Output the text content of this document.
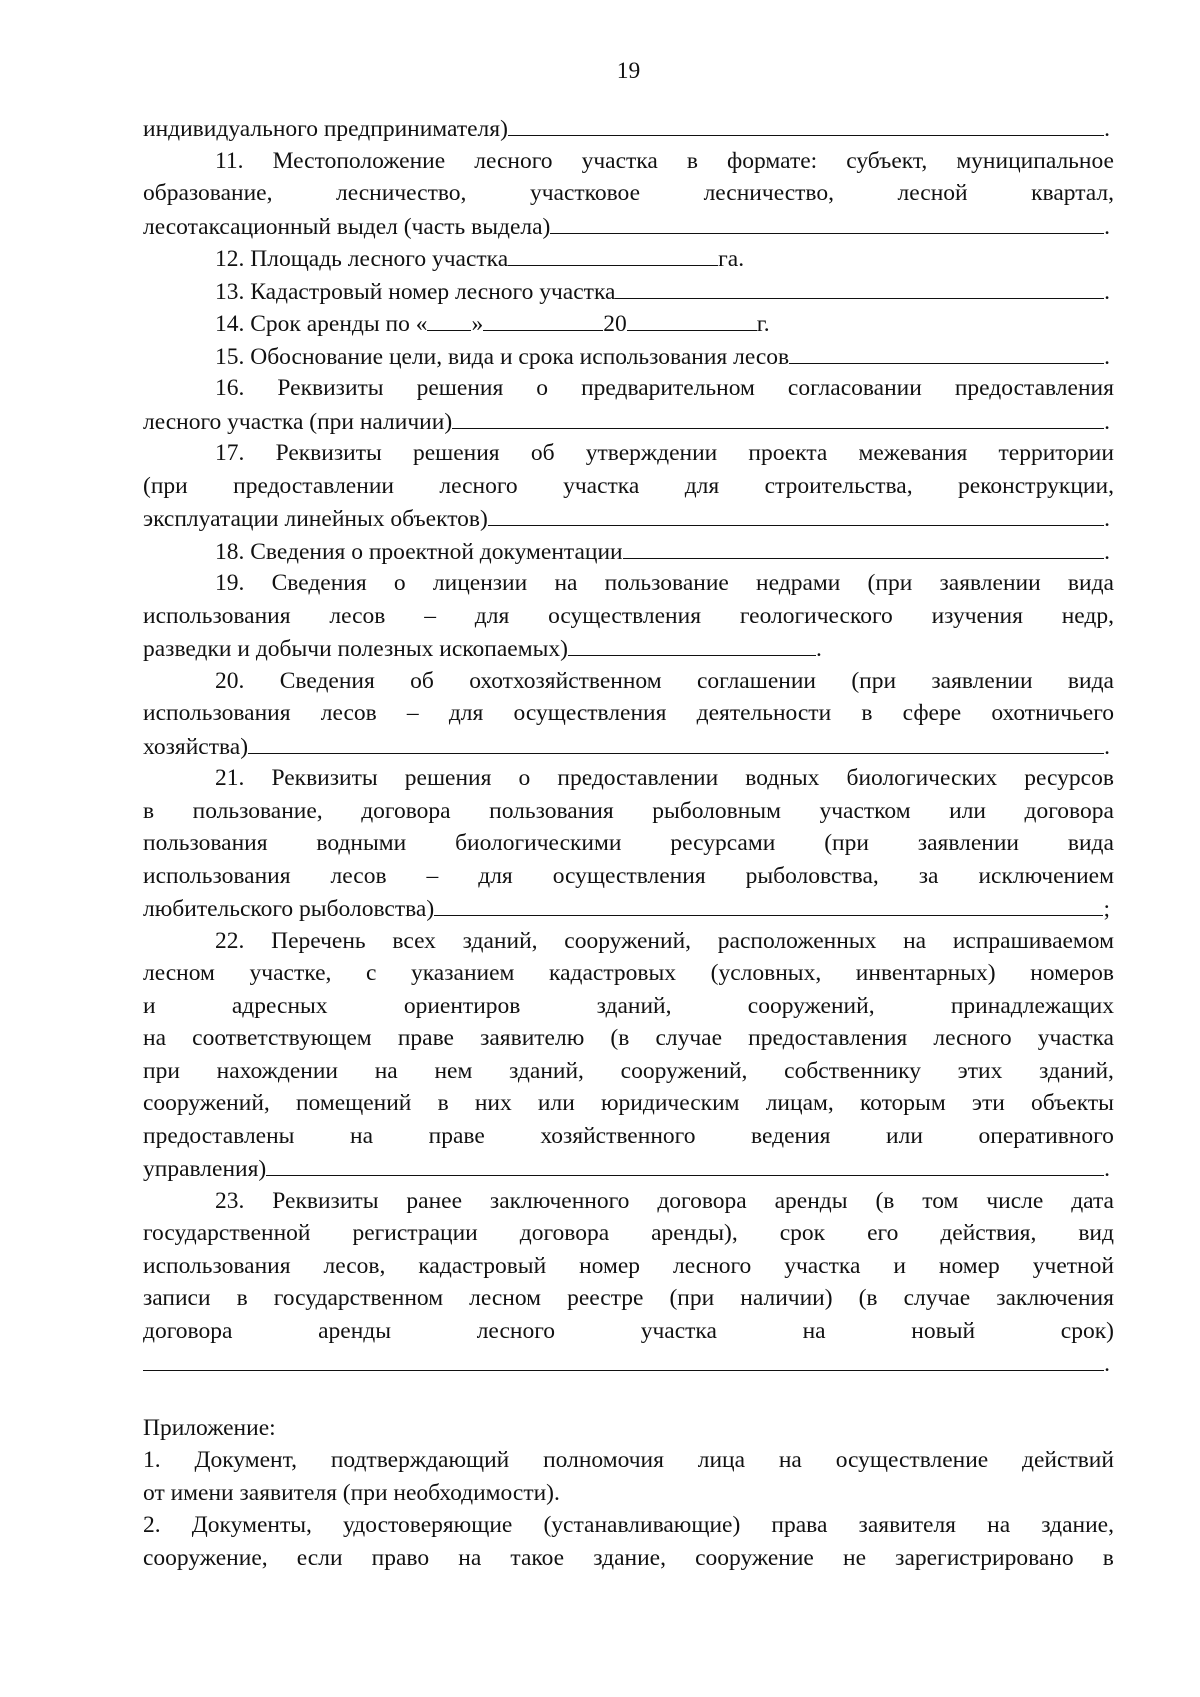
19
индивидуального предпринимателя)	.
11. Местоположение лесного участка в формате: субъект, муниципальное
образование,	лесничество,	участковое	лесничество,	лесной	квартал,
лесотаксационный выдел (часть выдела)	.
12. Площадь лесного участка	га.
13. Кадастровый номер лесного участка	.
14. Срок аренды по « »	20	г.
15. Обоснование цели, вида и срока использования лесов	.
16. Реквизиты решения о предварительном согласовании предоставления
лесного участка (при наличии)	.
17. Реквизиты решения об утверждении проекта межевания территории
(при предоставлении лесного участка для строительства, реконструкции,
эксплуатации линейных объектов)	.
18. Сведения о проектной документации	.
19. Сведения о лицензии на пользование недрами (при заявлении вида
использования лесов – для осуществления геологического изучения недр,
разведки и добычи полезных ископаемых)	.
20. Сведения об охотхозяйственном соглашении (при заявлении вида
использования лесов – для осуществления деятельности в сфере охотничьего
хозяйства)	.
21. Реквизиты решения о предоставлении водных биологических ресурсов
в пользование, договора пользования рыболовным участком или договора
пользования водными биологическими ресурсами (при заявлении вида
использования лесов – для осуществления рыболовства, за исключением
любительского рыболовства)	;
22. Перечень всех зданий, сооружений, расположенных на испрашиваемом
лесном участке, с указанием кадастровых (условных, инвентарных) номеров
и	адресных	ориентиров	зданий,	сооружений,	принадлежащих
на соответствующем праве заявителю (в случае предоставления лесного участка
при нахождении на нем зданий, сооружений, собственнику этих зданий,
сооружений, помещений в них или юридическим лицам, которым эти объекты
предоставлены на праве хозяйственного ведения или оперативного
управления)	.
23. Реквизиты ранее заключенного договора аренды (в том числе дата
государственной регистрации договора аренды), срок его действия, вид
использования лесов, кадастровый номер лесного участка и номер учетной
записи в государственном лесном реестре (при наличии) (в случае заключения
договора	аренды	лесного	участка	на	новый	срок)
.
Приложение:
1. Документ, подтверждающий полномочия лица на осуществление действий
от имени заявителя (при необходимости).
2. Документы, удостоверяющие (устанавливающие) права заявителя на здание,
сооружение, если право на такое здание, сооружение не зарегистрировано в
